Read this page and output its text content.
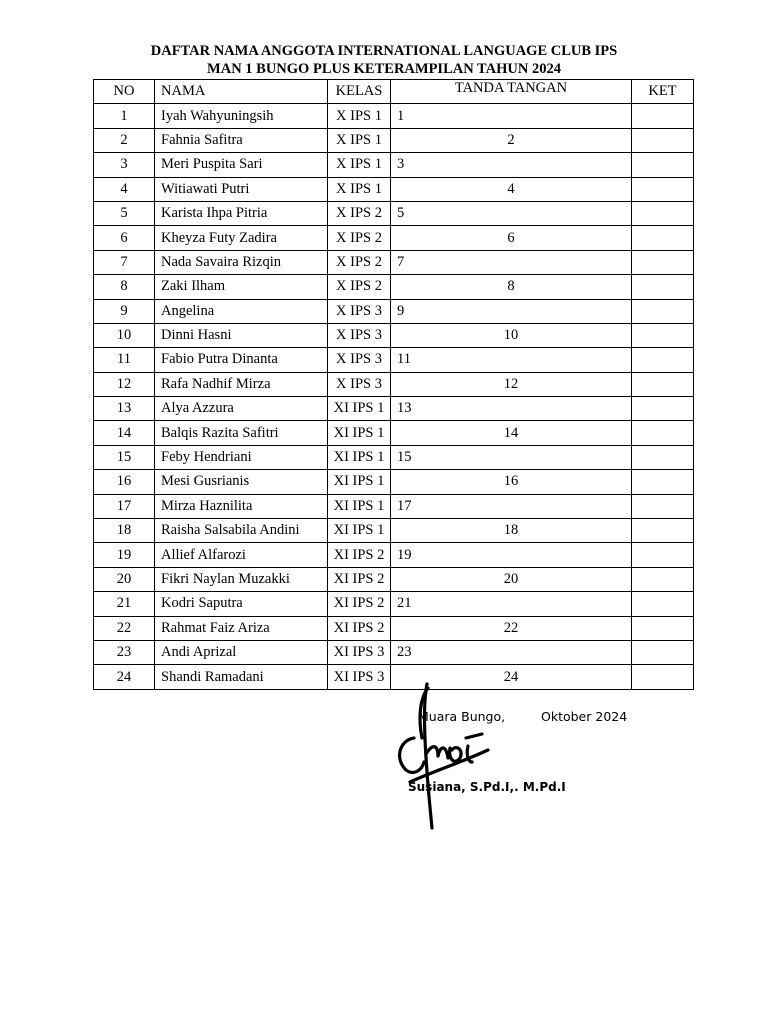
DAFTAR NAMA ANGGOTA INTERNATIONAL LANGUAGE CLUB IPS
MAN 1 BUNGO PLUS KETERAMPILAN TAHUN 2024
NO	NAMA	KELAS	TANDA TANGAN	KET
1	Iyah Wahyuningsih	X IPS 1	1	
2	Fahnia Safitra	X IPS 1	2	
3	Meri Puspita Sari	X IPS 1	3	
4	Witiawati Putri	X IPS 1	4	
5	Karista Ihpa Pitria	X IPS 2	5	
6	Kheyza Futy Zadira	X IPS 2	6	
7	Nada Savaira Rizqin	X IPS 2	7	
8	Zaki Ilham	X IPS 2	8	
9	Angelina	X IPS 3	9	
10	Dinni Hasni	X IPS 3	10	
11	Fabio Putra Dinanta	X IPS 3	11	
12	Rafa Nadhif Mirza	X IPS 3	12	
13	Alya Azzura	XI IPS 1	13	
14	Balqis Razita Safitri	XI IPS 1	14	
15	Feby Hendriani	XI IPS 1	15	
16	Mesi Gusrianis	XI IPS 1	16	
17	Mirza Haznilita	XI IPS 1	17	
18	Raisha Salsabila Andini	XI IPS 1	18	
19	Allief Alfarozi	XI IPS 2	19	
20	Fikri Naylan Muzakki	XI IPS 2	20	
21	Kodri Saputra	XI IPS 2	21	
22	Rahmat Faiz Ariza	XI IPS 2	22	
23	Andi Aprizal	XI IPS 3	23	
24	Shandi Ramadani	XI IPS 3	24	
Muara Bungo,	Oktober 2024
Susiana, S.Pd.I,. M.Pd.I
